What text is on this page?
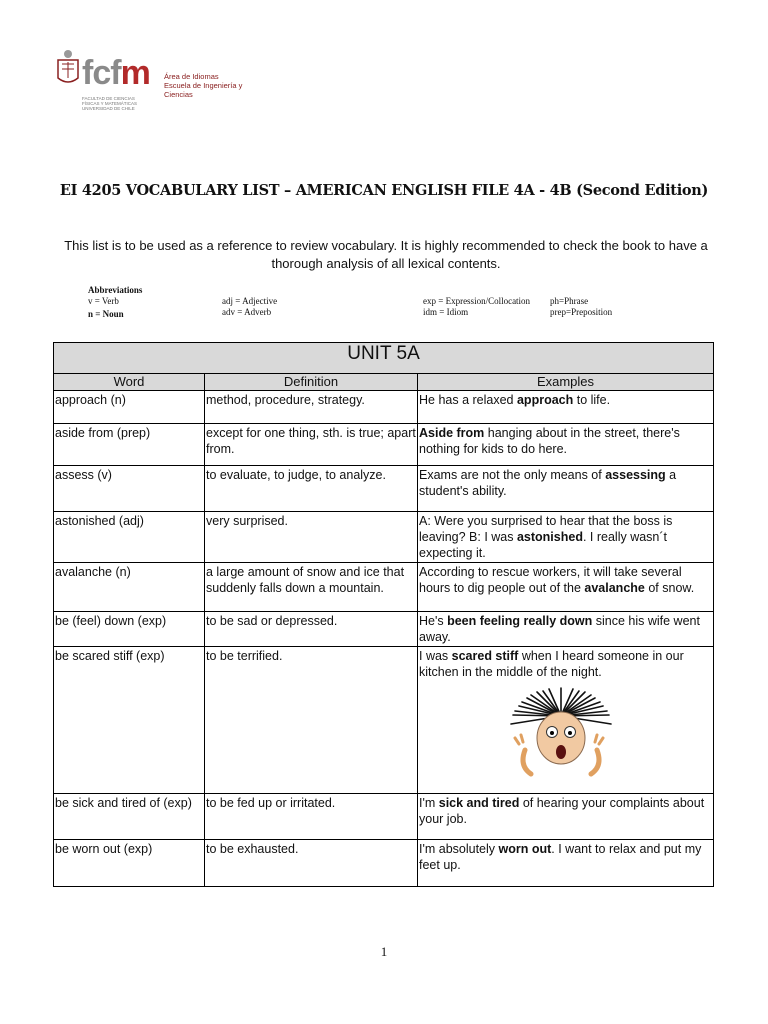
fcfm Área de Idiomas
Escuela de Ingeniería y Ciencias
FACULTAD DE CIENCIAS FÍSICAS Y MATEMÁTICAS UNIVERSIDAD DE CHILE
EI 4205 VOCABULARY LIST – AMERICAN ENGLISH FILE 4A - 4B (Second Edition)
This list is to be used as a reference to review vocabulary. It is highly recommended to check the book to have a thorough analysis of all lexical contents.
Abbreviations
v = Verb
n = Noun
adj = Adjective
adv = Adverb
exp = Expression/Collocation
idm = Idiom
ph=Phrase
prep=Preposition
UNIT 5A		
Word	Definition	Examples
approach (n)	method, procedure, strategy.	He has a relaxed approach to life.
aside from (prep)	except for one thing, sth. is true; apart from.	Aside from hanging about in the street, there's nothing for kids to do here.
assess (v)	to evaluate, to judge, to analyze.	Exams are not the only means of assessing a student's ability.
astonished (adj)	very surprised.	A: Were you surprised to hear that the boss is leaving? B: I was astonished. I really wasn´t expecting it.
avalanche (n)	a large amount of snow and ice that suddenly falls down a mountain.	According to rescue workers, it will take several hours to dig people out of the avalanche of snow.
be (feel) down (exp)	to be sad or depressed.	He's been feeling really down since his wife went away.
be scared stiff (exp)	to be terrified.	I was scared stiff when I heard someone in our kitchen in the middle of the night.

be sick and tired of (exp)	to be fed up or irritated.	I'm sick and tired of hearing your complaints about your job.
be worn out (exp)	to be exhausted.	I'm absolutely worn out. I want to relax and put my feet up.
1
